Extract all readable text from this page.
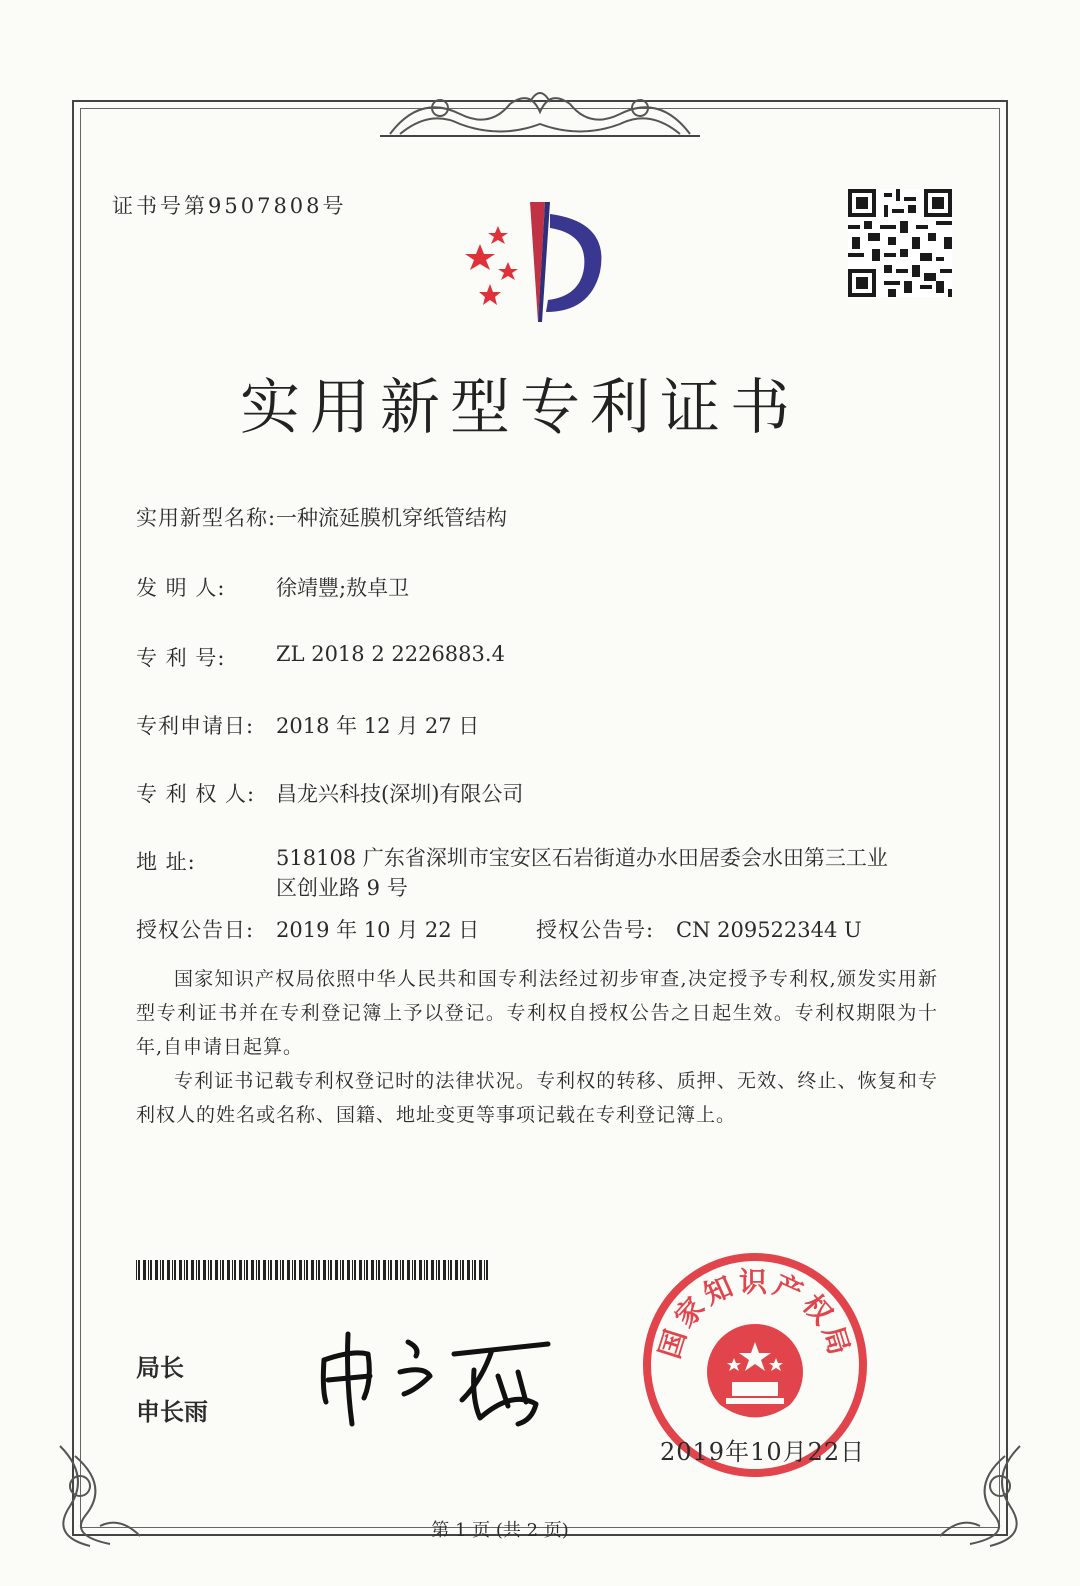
证书号第9507808号
实用新型专利证书
实用新型名称:一种流延膜机穿纸管结构
发 明 人: 徐靖豐;敖卓卫
专 利 号: ZL 2018 2 2226883.4
专利申请日: 2018 年 12 月 27 日
专 利 权 人: 昌龙兴科技(深圳)有限公司
地 址:	518108 广东省深圳市宝安区石岩街道办水田居委会水田第三工业区创业路 9 号
授权公告日: 2019 年 10 月 22 日	授权公告号: CN 209522344 U
国家知识产权局依照中华人民共和国专利法经过初步审查,决定授予专利权,颁发实用新型专利证书并在专利登记簿上予以登记。专利权自授权公告之日起生效。专利权期限为十年,自申请日起算。
专利证书记载专利权登记时的法律状况。专利权的转移、质押、无效、终止、恢复和专利权人的姓名或名称、国籍、地址变更等事项记载在专利登记簿上。
局长
申长雨
国家知识产权局
2019年10月22日
第 1 页 (共 2 页)
